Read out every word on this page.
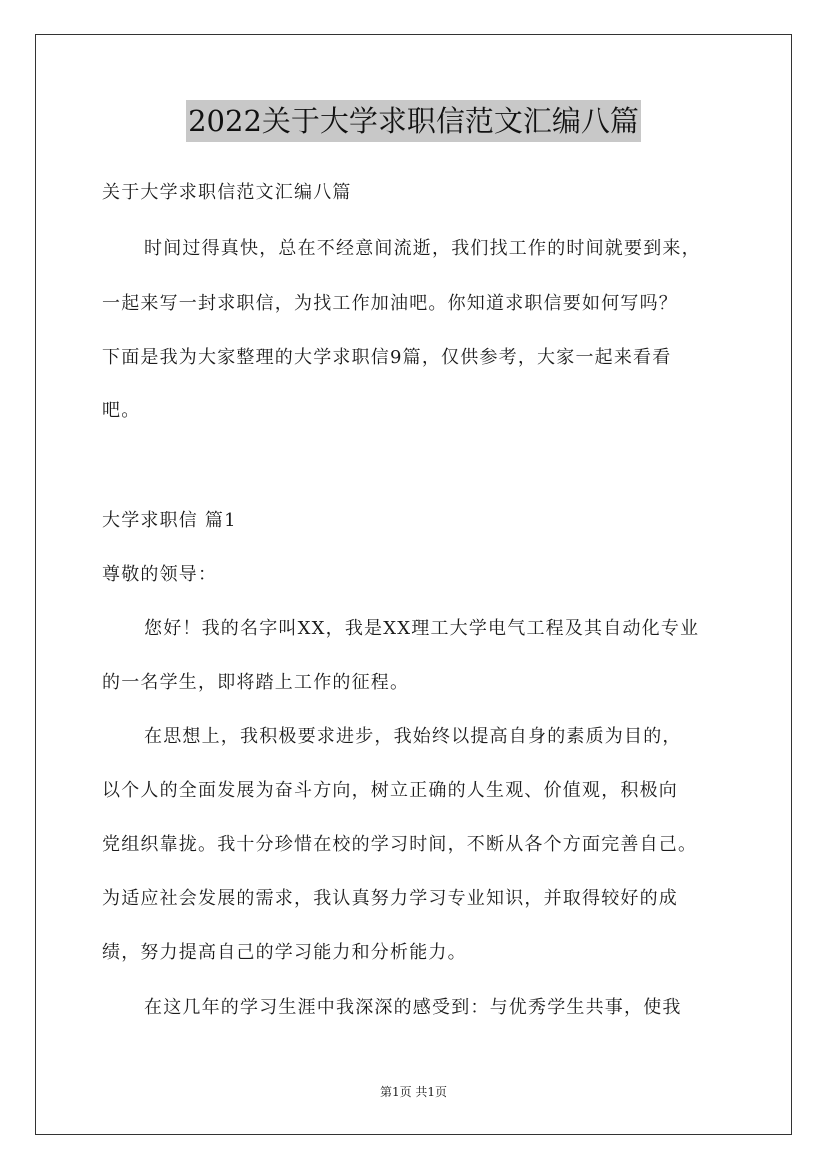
2022关于大学求职信范文汇编八篇
关于大学求职信范文汇编八篇
时间过得真快，总在不经意间流逝，我们找工作的时间就要到来，
一起来写一封求职信，为找工作加油吧。你知道求职信要如何写吗？
下面是我为大家整理的大学求职信9篇，仅供参考，大家一起来看看
吧。
大学求职信 篇1
尊敬的领导：
您好！我的名字叫XX，我是XX理工大学电气工程及其自动化专业
的一名学生，即将踏上工作的征程。
在思想上，我积极要求进步，我始终以提高自身的素质为目的，
以个人的全面发展为奋斗方向，树立正确的人生观、价值观，积极向
党组织靠拢。我十分珍惜在校的学习时间，不断从各个方面完善自己。
为适应社会发展的需求，我认真努力学习专业知识，并取得较好的成
绩，努力提高自己的学习能力和分析能力。
在这几年的学习生涯中我深深的感受到：与优秀学生共事，使我
第1页 共1页
